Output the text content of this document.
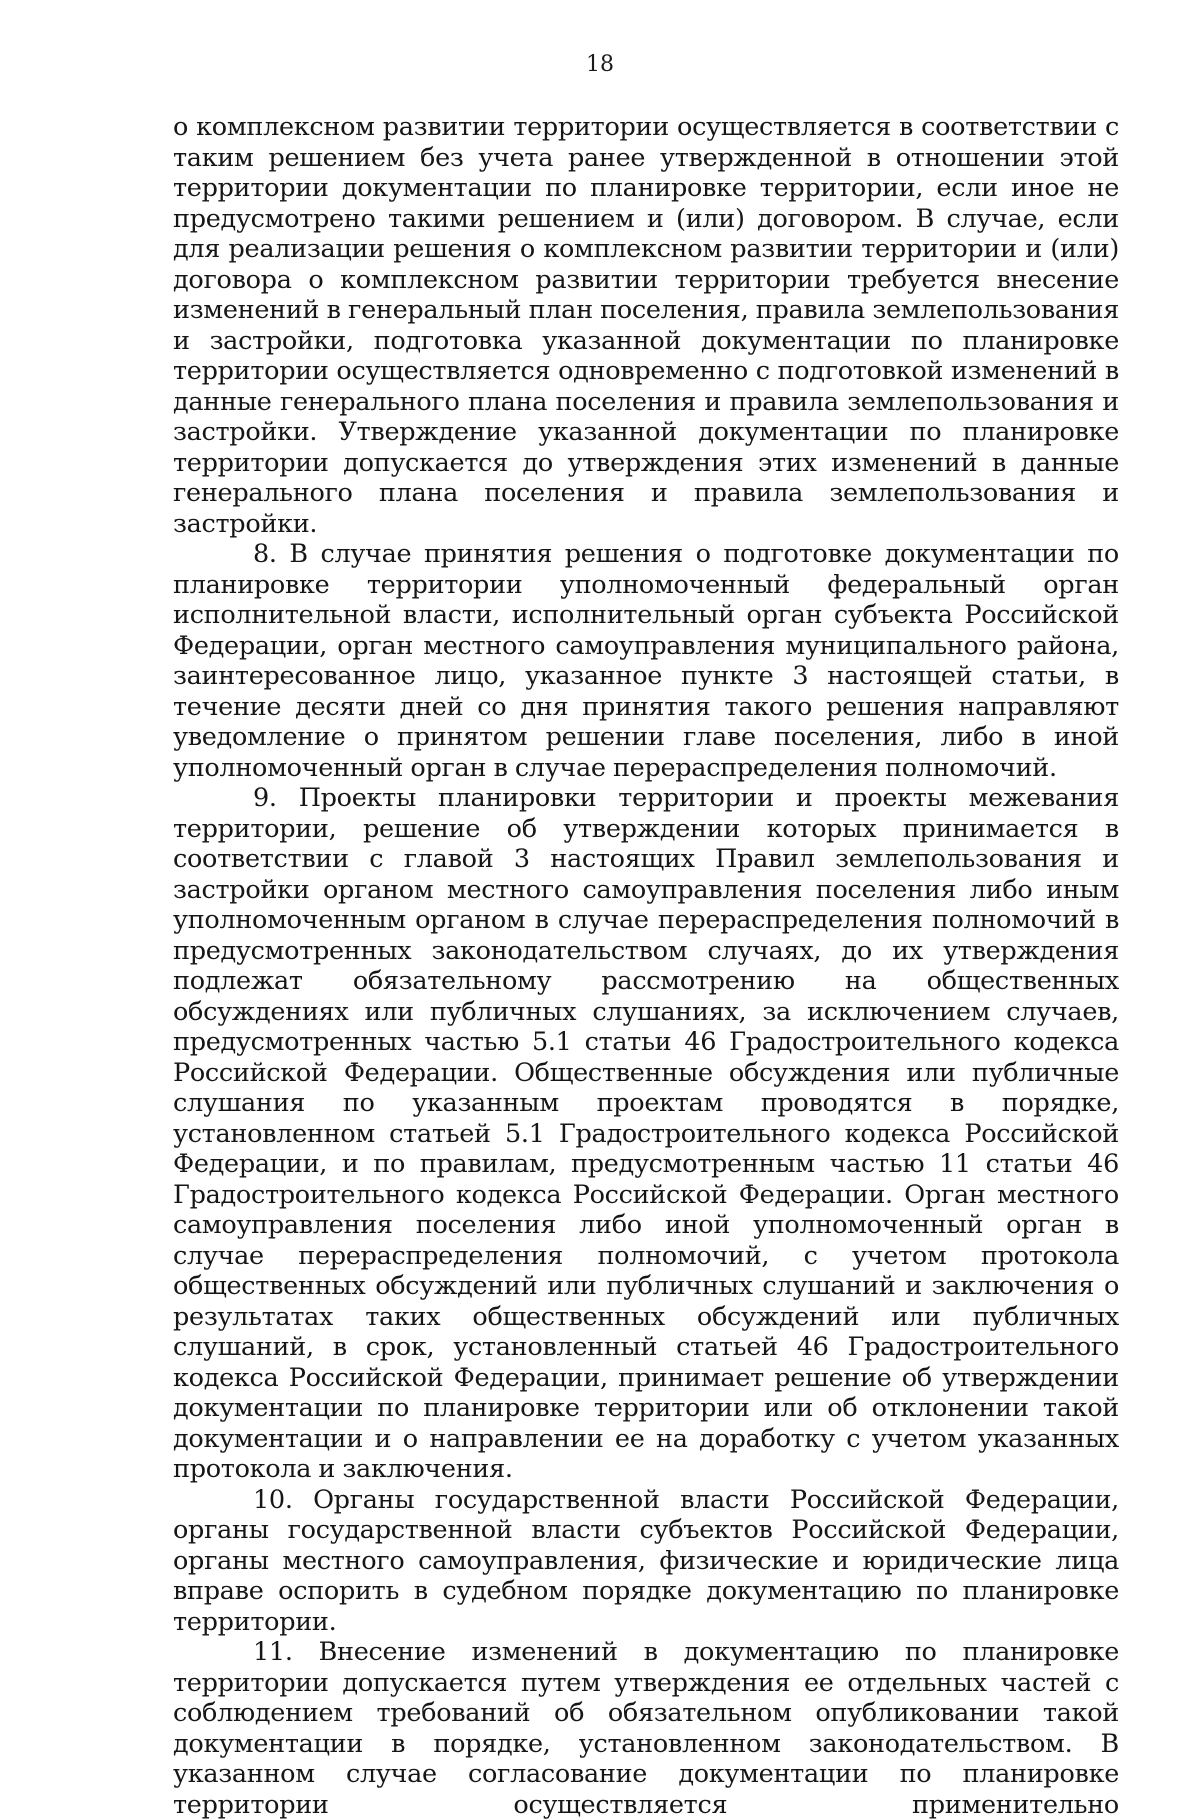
18

о комплексном развитии территории осуществляется в соответствии с таким решением без учета ранее утвержденной в отношении этой территории документации по планировке территории, если иное не предусмотрено такими решением и (или) договором. В случае, если для реализации решения о комплексном развитии территории и (или) договора о комплексном развитии территории требуется внесение изменений в генеральный план поселения, правила землепользования и застройки, подготовка указанной документации по планировке территории осуществляется одновременно с подготовкой изменений в данные генерального плана поселения и правила землепользования и застройки. Утверждение указанной документации по планировке территории допускается до утверждения этих изменений в данные генерального плана поселения и правила землепользования и застройки.

8. В случае принятия решения о подготовке документации по планировке территории уполномоченный федеральный орган исполнительной власти, исполнительный орган субъекта Российской Федерации, орган местного самоуправления муниципального района, заинтересованное лицо, указанное пункте 3 настоящей статьи, в течение десяти дней со дня принятия такого решения направляют уведомление о принятом решении главе поселения, либо в иной уполномоченный орган в случае перераспределения полномочий.

9. Проекты планировки территории и проекты межевания территории, решение об утверждении которых принимается в соответствии с главой 3 настоящих Правил землепользования и застройки органом местного самоуправления поселения либо иным уполномоченным органом в случае перераспределения полномочий в предусмотренных законодательством случаях, до их утверждения подлежат обязательному рассмотрению на общественных обсуждениях или публичных слушаниях, за исключением случаев, предусмотренных частью 5.1 статьи 46 Градостроительного кодекса Российской Федерации. Общественные обсуждения или публичные слушания по указанным проектам проводятся в порядке, установленном статьей 5.1 Градостроительного кодекса Российской Федерации, и по правилам, предусмотренным частью 11 статьи 46 Градостроительного кодекса Российской Федерации. Орган местного самоуправления поселения либо иной уполномоченный орган в случае перераспределения полномочий, с учетом протокола общественных обсуждений или публичных слушаний и заключения о результатах таких общественных обсуждений или публичных слушаний, в срок, установленный статьей 46 Градостроительного кодекса Российской Федерации, принимает решение об утверждении документации по планировке территории или об отклонении такой документации и о направлении ее на доработку с учетом указанных протокола и заключения.

10. Органы государственной власти Российской Федерации, органы государственной власти субъектов Российской Федерации, органы местного самоуправления, физические и юридические лица вправе оспорить в судебном порядке документацию по планировке территории.

11. Внесение изменений в документацию по планировке территории допускается путем утверждения ее отдельных частей с соблюдением требований об обязательном опубликовании такой документации в порядке, установленном законодательством. В указанном случае согласование документации по планировке территории осуществляется применительно
